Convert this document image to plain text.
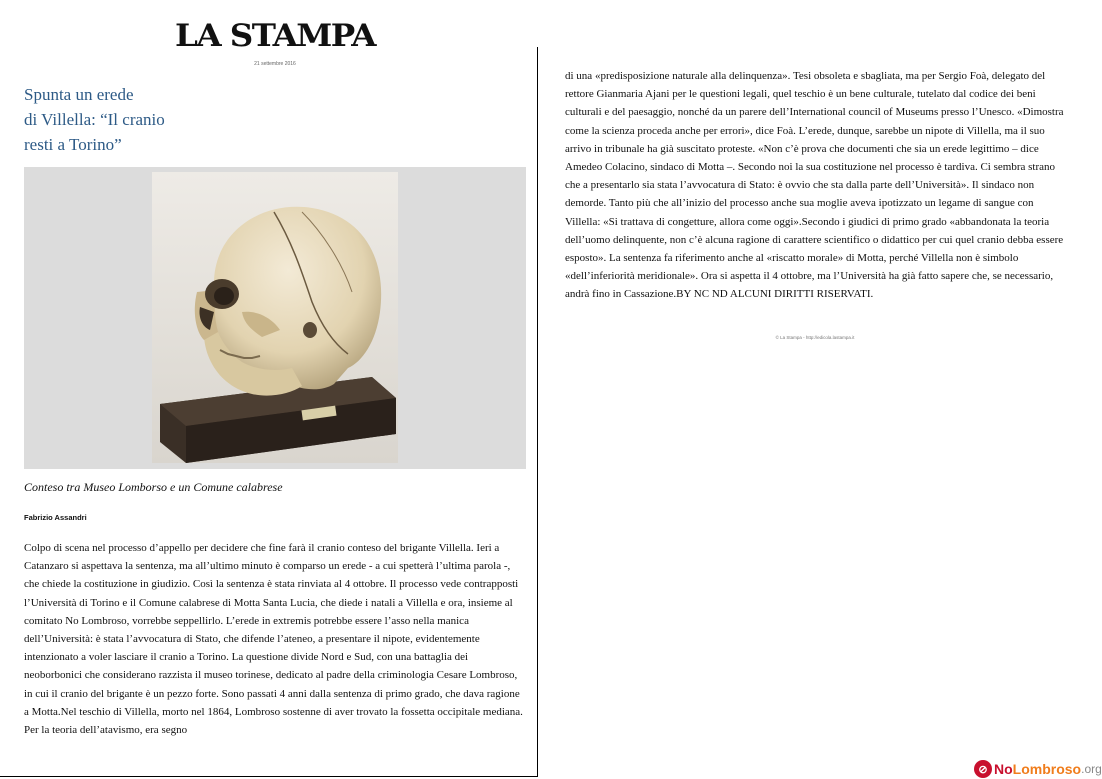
LA STAMPA
21 settembre 2016
Spunta un erede
di Villella: “Il cranio
resti a Torino”
Conteso tra Museo Lomborso e un Comune calabrese
Fabrizio Assandri

Colpo di scena nel processo d’appello per decidere che fine farà il cranio conteso del brigante Villella. Ieri a Catanzaro si aspettava la sentenza, ma all’ultimo minuto è comparso un erede - a cui spetterà l’ultima parola -, che chiede la costituzione in giudizio. Così la sentenza è stata rinviata al 4 ottobre. Il processo vede contrapposti l’Università di Torino e il Comune calabrese di Motta Santa Lucia, che diede i natali a Villella e ora, insieme al comitato No Lombroso, vorrebbe seppellirlo. L’erede in extremis potrebbe essere l’asso nella manica dell’Università: è stata l’avvocatura di Stato, che difende l’ateneo, a presentare il nipote, evidentemente intenzionato a voler lasciare il cranio a Torino. La questione divide Nord e Sud, con una battaglia dei neoborbonici che considerano razzista il museo torinese, dedicato al padre della criminologia Cesare Lombroso, in cui il cranio del brigante è un pezzo forte. Sono passati 4 anni dalla sentenza di primo grado, che dava ragione a Motta.Nel teschio di Villella, morto nel 1864, Lombroso sostenne di aver trovato la fossetta occipitale mediana. Per la teoria dell’atavismo, era segno

di una «predisposizione naturale alla delinquenza». Tesi obsoleta e sbagliata, ma per Sergio Foà, delegato del rettore Gianmaria Ajani per le questioni legali, quel teschio è un bene culturale, tutelato dal codice dei beni culturali e del paesaggio, nonché da un parere dell’International council of Museums presso l’Unesco. «Dimostra come la scienza proceda anche per errori», dice Foà. L’erede, dunque, sarebbe un nipote di Villella, ma il suo arrivo in tribunale ha già suscitato proteste. «Non c’è prova che documenti che sia un erede legittimo – dice Amedeo Colacino, sindaco di Motta –. Secondo noi la sua costituzione nel processo è tardiva. Ci sembra strano che a presentarlo sia stata l’avvocatura di Stato: è ovvio che sta dalla parte dell’Università». Il sindaco non demorde. Tanto più che all’inizio del processo anche sua moglie aveva ipotizzato un legame di sangue con Villella: «Si trattava di congetture, allora come oggi».Secondo i giudici di primo grado «abbandonata la teoria dell’uomo delinquente, non c’è alcuna ragione di carattere scientifico o didattico per cui quel cranio debba essere esposto». La sentenza fa riferimento anche al «riscatto morale» di Motta, perché Villella non è simbolo «dell’inferiorità meridionale». Ora si aspetta il 4 ottobre, ma l’Università ha già fatto sapere che, se necessario, andrà fino in Cassazione.BY NC ND ALCUNI DIRITTI RISERVATI.

© La Stampa - http://edicola.lastampa.it
⊘ No Lombroso .org
